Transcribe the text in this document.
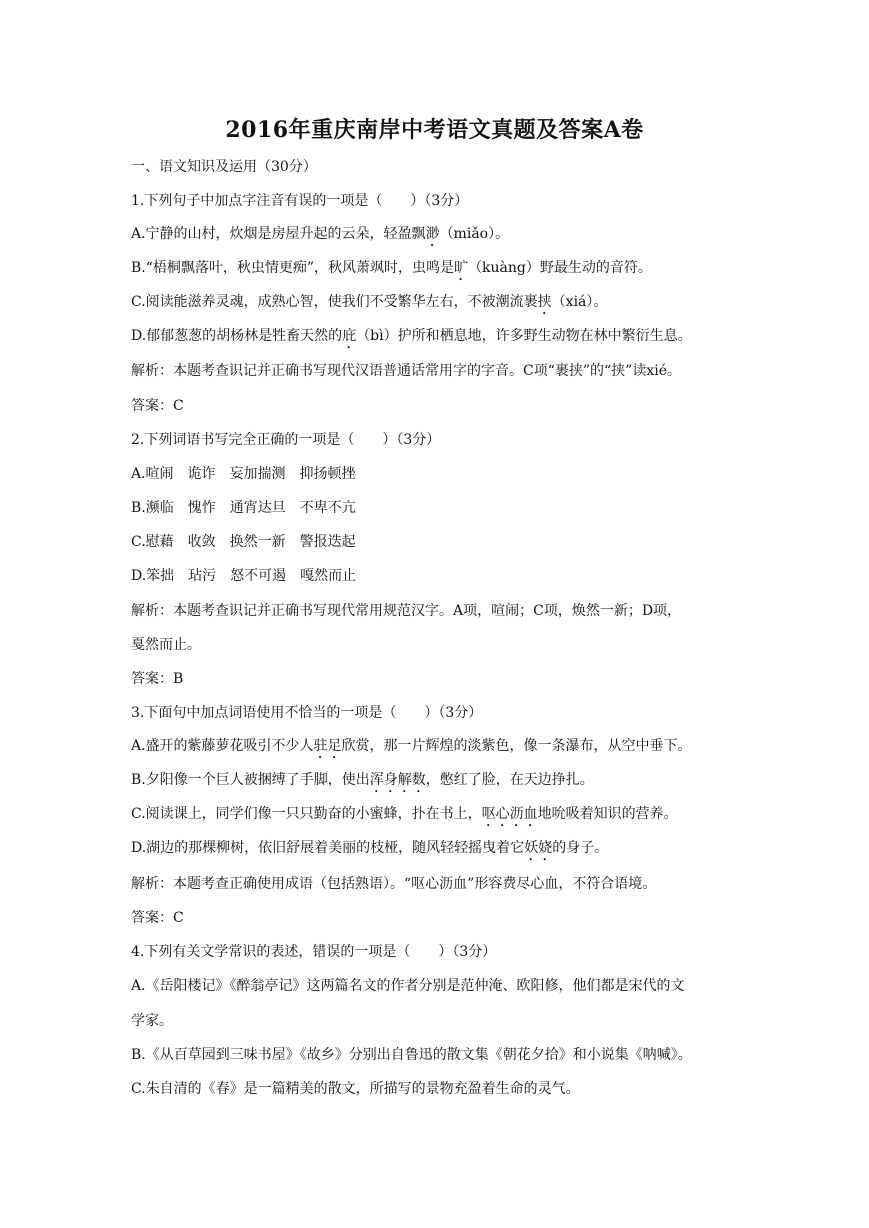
2016年重庆南岸中考语文真题及答案A卷
一、语文知识及运用（30分）
1.下列句子中加点字注音有误的一项是（　　）（3分）
A.宁静的山村，炊烟是房屋升起的云朵，轻盈飘渺（miǎo）。
B.“梧桐飘落叶，秋虫情更痴”，秋风萧飒时，虫鸣是旷（kuàng）野最生动的音符。
C.阅读能滋养灵魂，成熟心智，使我们不受繁华左右，不被潮流裹挟（xiá）。
D.郁郁葱葱的胡杨林是牲畜天然的庇（bì）护所和栖息地，许多野生动物在林中繁衍生息。
解析：本题考查识记并正确书写现代汉语普通话常用字的字音。C项“裹挟”的“挟”读xié。
答案：C
2.下列词语书写完全正确的一项是（　　）（3分）
A.喧闹　诡诈　妄加揣测　抑扬顿挫
B.濒临　愧怍　通宵达旦　不卑不亢
C.慰藉　收敛　换然一新　警报迭起
D.笨拙　玷污　怒不可遏　嘎然而止
解析：本题考查识记并正确书写现代常用规范汉字。A项，喧闹；C项，焕然一新；D项，
戛然而止。
答案：B
3.下面句中加点词语使用不恰当的一项是（　　）（3分）
A.盛开的紫藤萝花吸引不少人驻足欣赏，那一片辉煌的淡紫色，像一条瀑布，从空中垂下。
B.夕阳像一个巨人被捆缚了手脚，使出浑身解数，憋红了脸，在天边挣扎。
C.阅读课上，同学们像一只只勤奋的小蜜蜂，扑在书上，呕心沥血地吮吸着知识的营养。
D.湖边的那棵柳树，依旧舒展着美丽的枝桠，随风轻轻摇曳着它妖娆的身子。
解析：本题考查正确使用成语（包括熟语）。“呕心沥血”形容费尽心血，不符合语境。
答案：C
4.下列有关文学常识的表述，错误的一项是（　　）（3分）
A.《岳阳楼记》《醉翁亭记》这两篇名文的作者分别是范仲淹、欧阳修，他们都是宋代的文
学家。
B.《从百草园到三味书屋》《故乡》分别出自鲁迅的散文集《朝花夕拾》和小说集《呐喊》。
C.朱自清的《春》是一篇精美的散文，所描写的景物充盈着生命的灵气。
